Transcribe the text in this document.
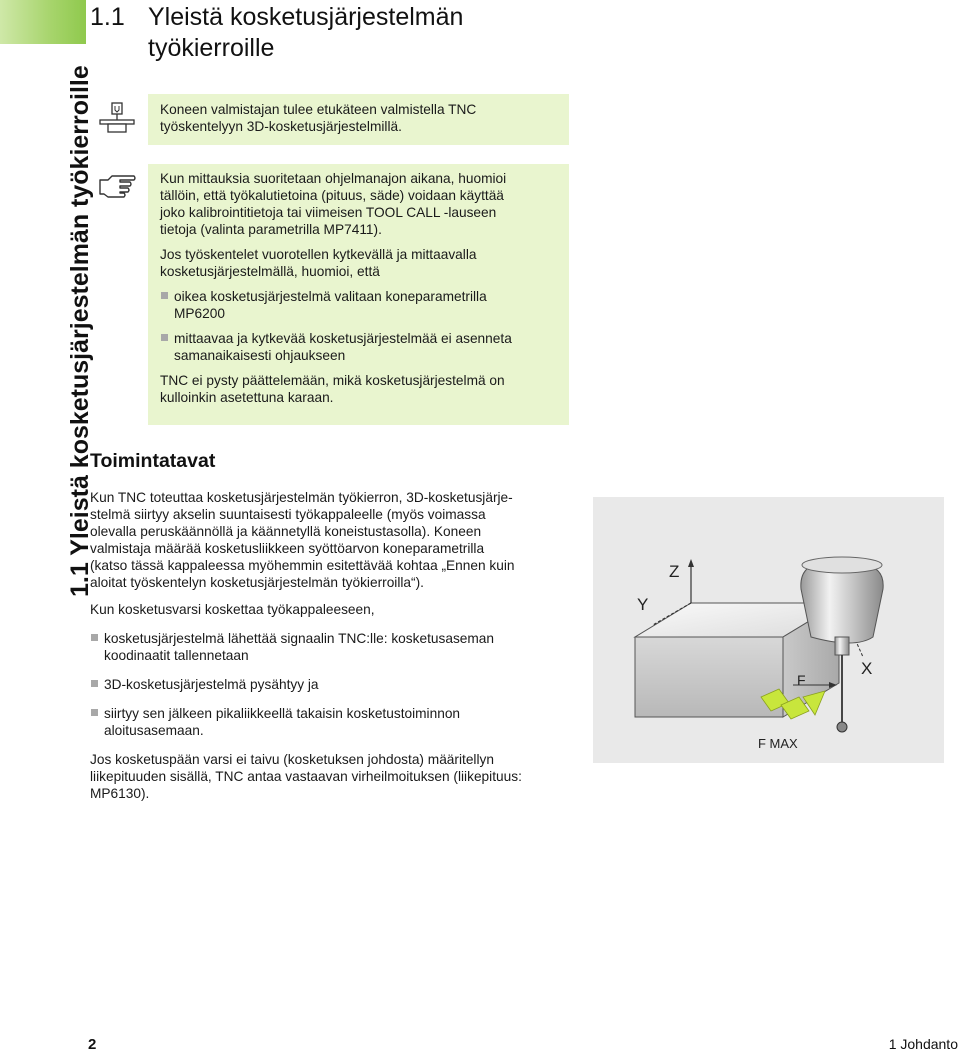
1.1 Yleistä kosketusjärjestelmän työkierroille
1.1 Yleistä kosketusjärjestelmän
työkierroille
Koneen valmistajan tulee etukäteen valmistella TNC
työskentelyyn 3D-kosketusjärjestelmillä.
Kun mittauksia suoritetaan ohjelmanajon aikana, huomioi
tällöin, että työkalutietoina (pituus, säde) voidaan käyttää
joko kalibrointitietoja tai viimeisen TOOL CALL -lauseen
tietoja (valinta parametrilla MP7411).
Jos työskentelet vuorotellen kytkevällä ja mittaavalla
kosketusjärjestelmällä, huomioi, että
oikea kosketusjärjestelmä valitaan koneparametrilla
MP6200
mittaavaa ja kytkevää kosketusjärjestelmää ei asenneta
samanaikaisesti ohjaukseen
TNC ei pysty päättelemään, mikä kosketusjärjestelmä on
kulloinkin asetettuna karaan.
Toimintatavat
Kun TNC toteuttaa kosketusjärjestelmän työkierron, 3D-kosketusjärje-
stelmä siirtyy akselin suuntaisesti työkappaleelle (myös voimassa
olevalla peruskäännöllä ja käännetyllä koneistustasolla). Koneen
valmistaja määrää kosketusliikkeen syöttöarvon koneparametrilla
(katso tässä kappaleessa myöhemmin esitettävää kohtaa „Ennen kuin
aloitat työskentelyn kosketusjärjestelmän työkierroilla“).
Kun kosketusvarsi koskettaa työkappaleeseen,
kosketusjärjestelmä lähettää signaalin TNC:lle: kosketusaseman
koodinaatit tallennetaan
3D-kosketusjärjestelmä pysähtyy ja
siirtyy sen jälkeen pikaliikkeellä takaisin kosketustoiminnon
aloitusasemaan.
Jos kosketuspään varsi ei taivu (kosketuksen johdosta) määritellyn
liikepituuden sisällä, TNC antaa vastaavan virheilmoituksen (liikepituus:
MP6130).
Z
Y
X
F
F MAX
2	1 Johdanto
